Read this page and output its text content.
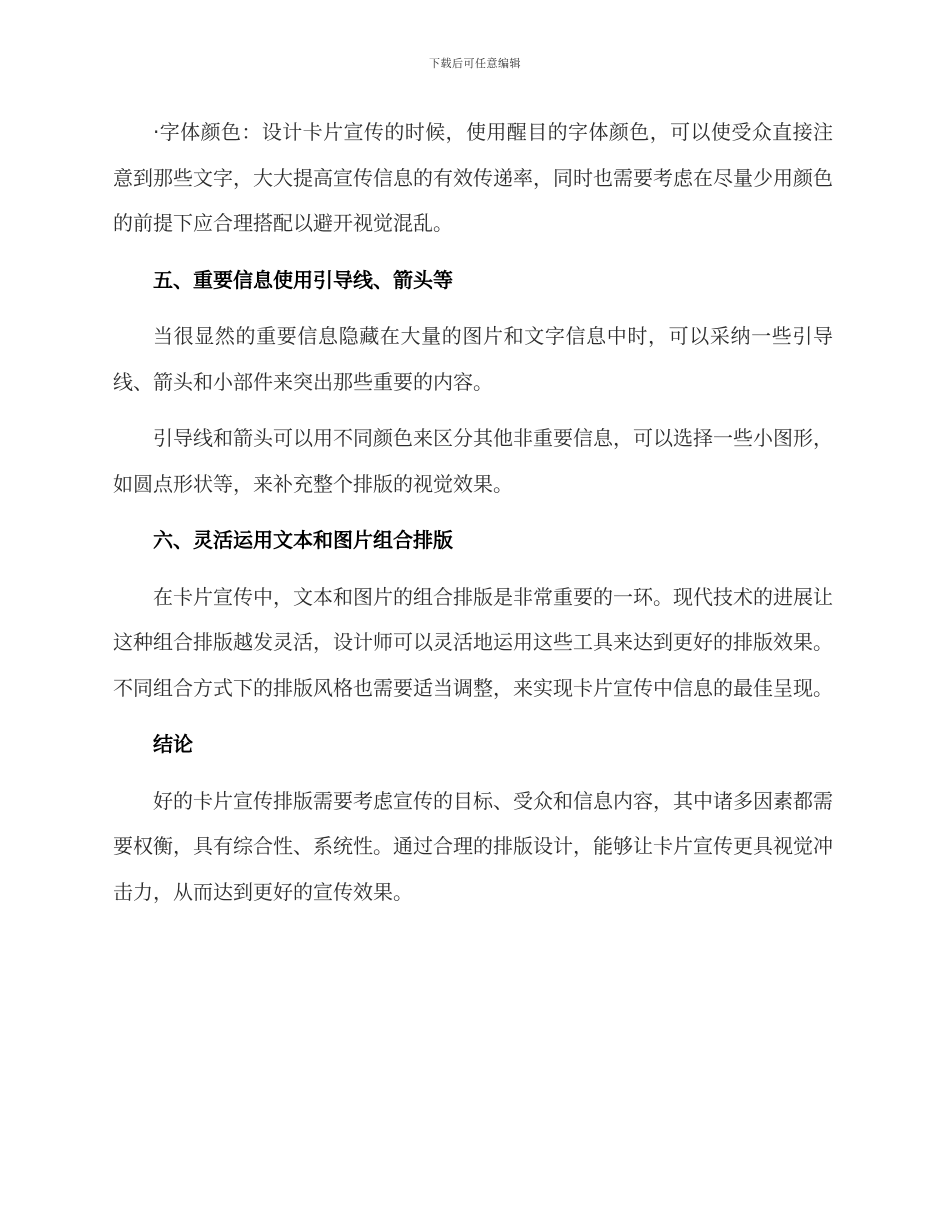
下载后可任意编辑

·字体颜色：设计卡片宣传的时候，使用醒目的字体颜色，可以使受众直接注意到那些文字，大大提高宣传信息的有效传递率，同时也需要考虑在尽量少用颜色的前提下应合理搭配以避开视觉混乱。

五、重要信息使用引导线、箭头等

当很显然的重要信息隐藏在大量的图片和文字信息中时，可以采纳一些引导线、箭头和小部件来突出那些重要的内容。

引导线和箭头可以用不同颜色来区分其他非重要信息，可以选择一些小图形，如圆点形状等，来补充整个排版的视觉效果。

六、灵活运用文本和图片组合排版

在卡片宣传中，文本和图片的组合排版是非常重要的一环。现代技术的进展让这种组合排版越发灵活，设计师可以灵活地运用这些工具来达到更好的排版效果。不同组合方式下的排版风格也需要适当调整，来实现卡片宣传中信息的最佳呈现。

结论

好的卡片宣传排版需要考虑宣传的目标、受众和信息内容，其中诸多因素都需要权衡，具有综合性、系统性。通过合理的排版设计，能够让卡片宣传更具视觉冲击力，从而达到更好的宣传效果。
